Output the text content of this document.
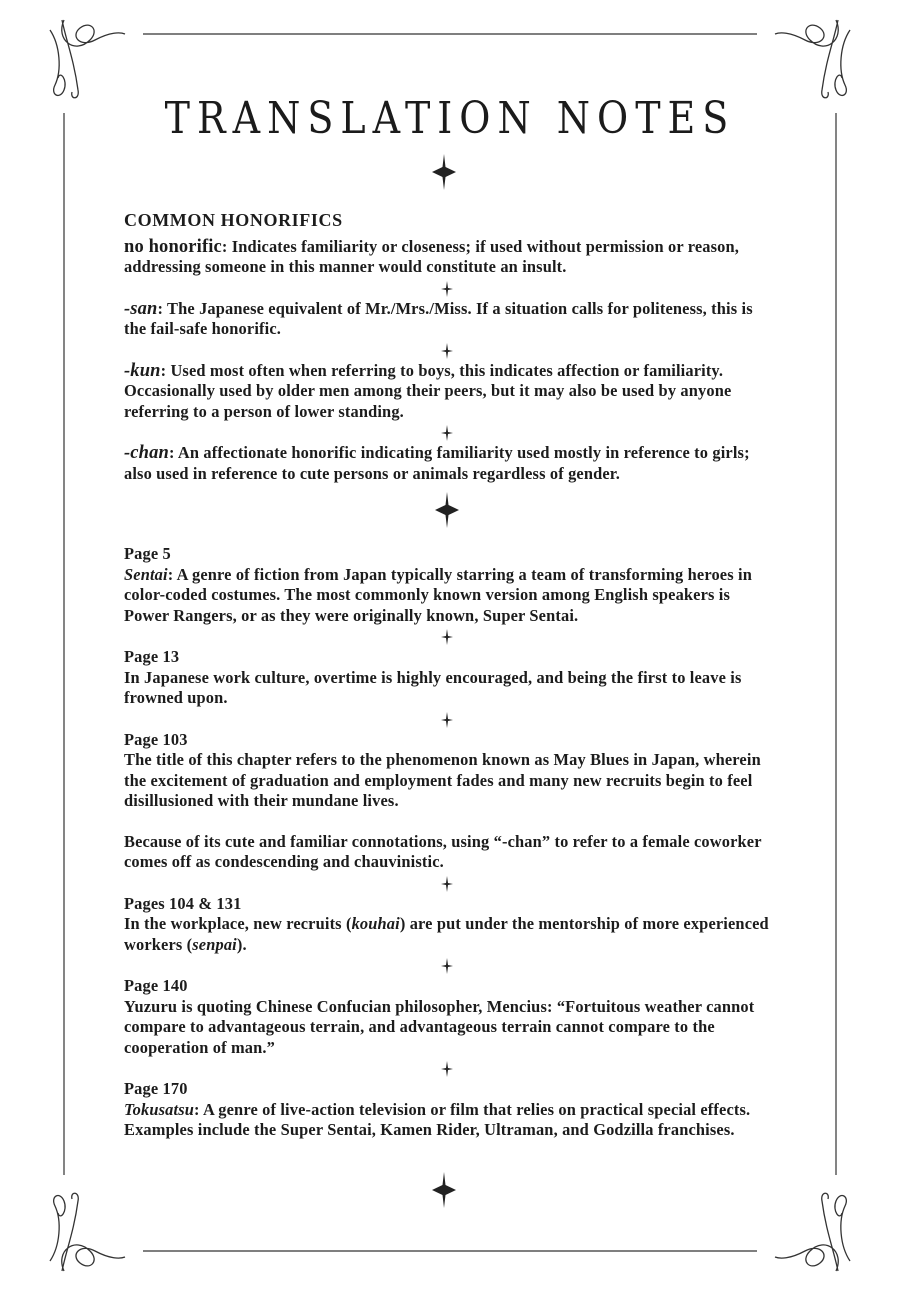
TRANSLATION NOTES
COMMON HONORIFICS

no honorific: Indicates familiarity or closeness; if used without permission or reason, addressing someone in this manner would constitute an insult.

-san: The Japanese equivalent of Mr./Mrs./Miss. If a situation calls for politeness, this is the fail-safe honorific.

-kun: Used most often when referring to boys, this indicates affection or familiarity. Occasionally used by older men among their peers, but it may also be used by anyone referring to a person of lower standing.

-chan: An affectionate honorific indicating familiarity used mostly in reference to girls; also used in reference to cute persons or animals regardless of gender.

Page 5

Sentai: A genre of fiction from Japan typically starring a team of transforming heroes in color-coded costumes. The most commonly known version among English speakers is Power Rangers, or as they were originally known, Super Sentai.

Page 13

In Japanese work culture, overtime is highly encouraged, and being the first to leave is frowned upon.

Page 103

The title of this chapter refers to the phenomenon known as May Blues in Japan, wherein the excitement of graduation and employment fades and many new recruits begin to feel disillusioned with their mundane lives.

Because of its cute and familiar connotations, using “-chan” to refer to a female coworker comes off as condescending and chauvinistic.

Pages 104 & 131

In the workplace, new recruits (kouhai) are put under the mentorship of more experienced workers (senpai).

Page 140

Yuzuru is quoting Chinese Confucian philosopher, Mencius: “Fortuitous weather cannot compare to advantageous terrain, and advantageous terrain cannot compare to the cooperation of man.”

Page 170

Tokusatsu: A genre of live-action television or film that relies on practical special effects. Examples include the Super Sentai, Kamen Rider, Ultraman, and Godzilla franchises.
